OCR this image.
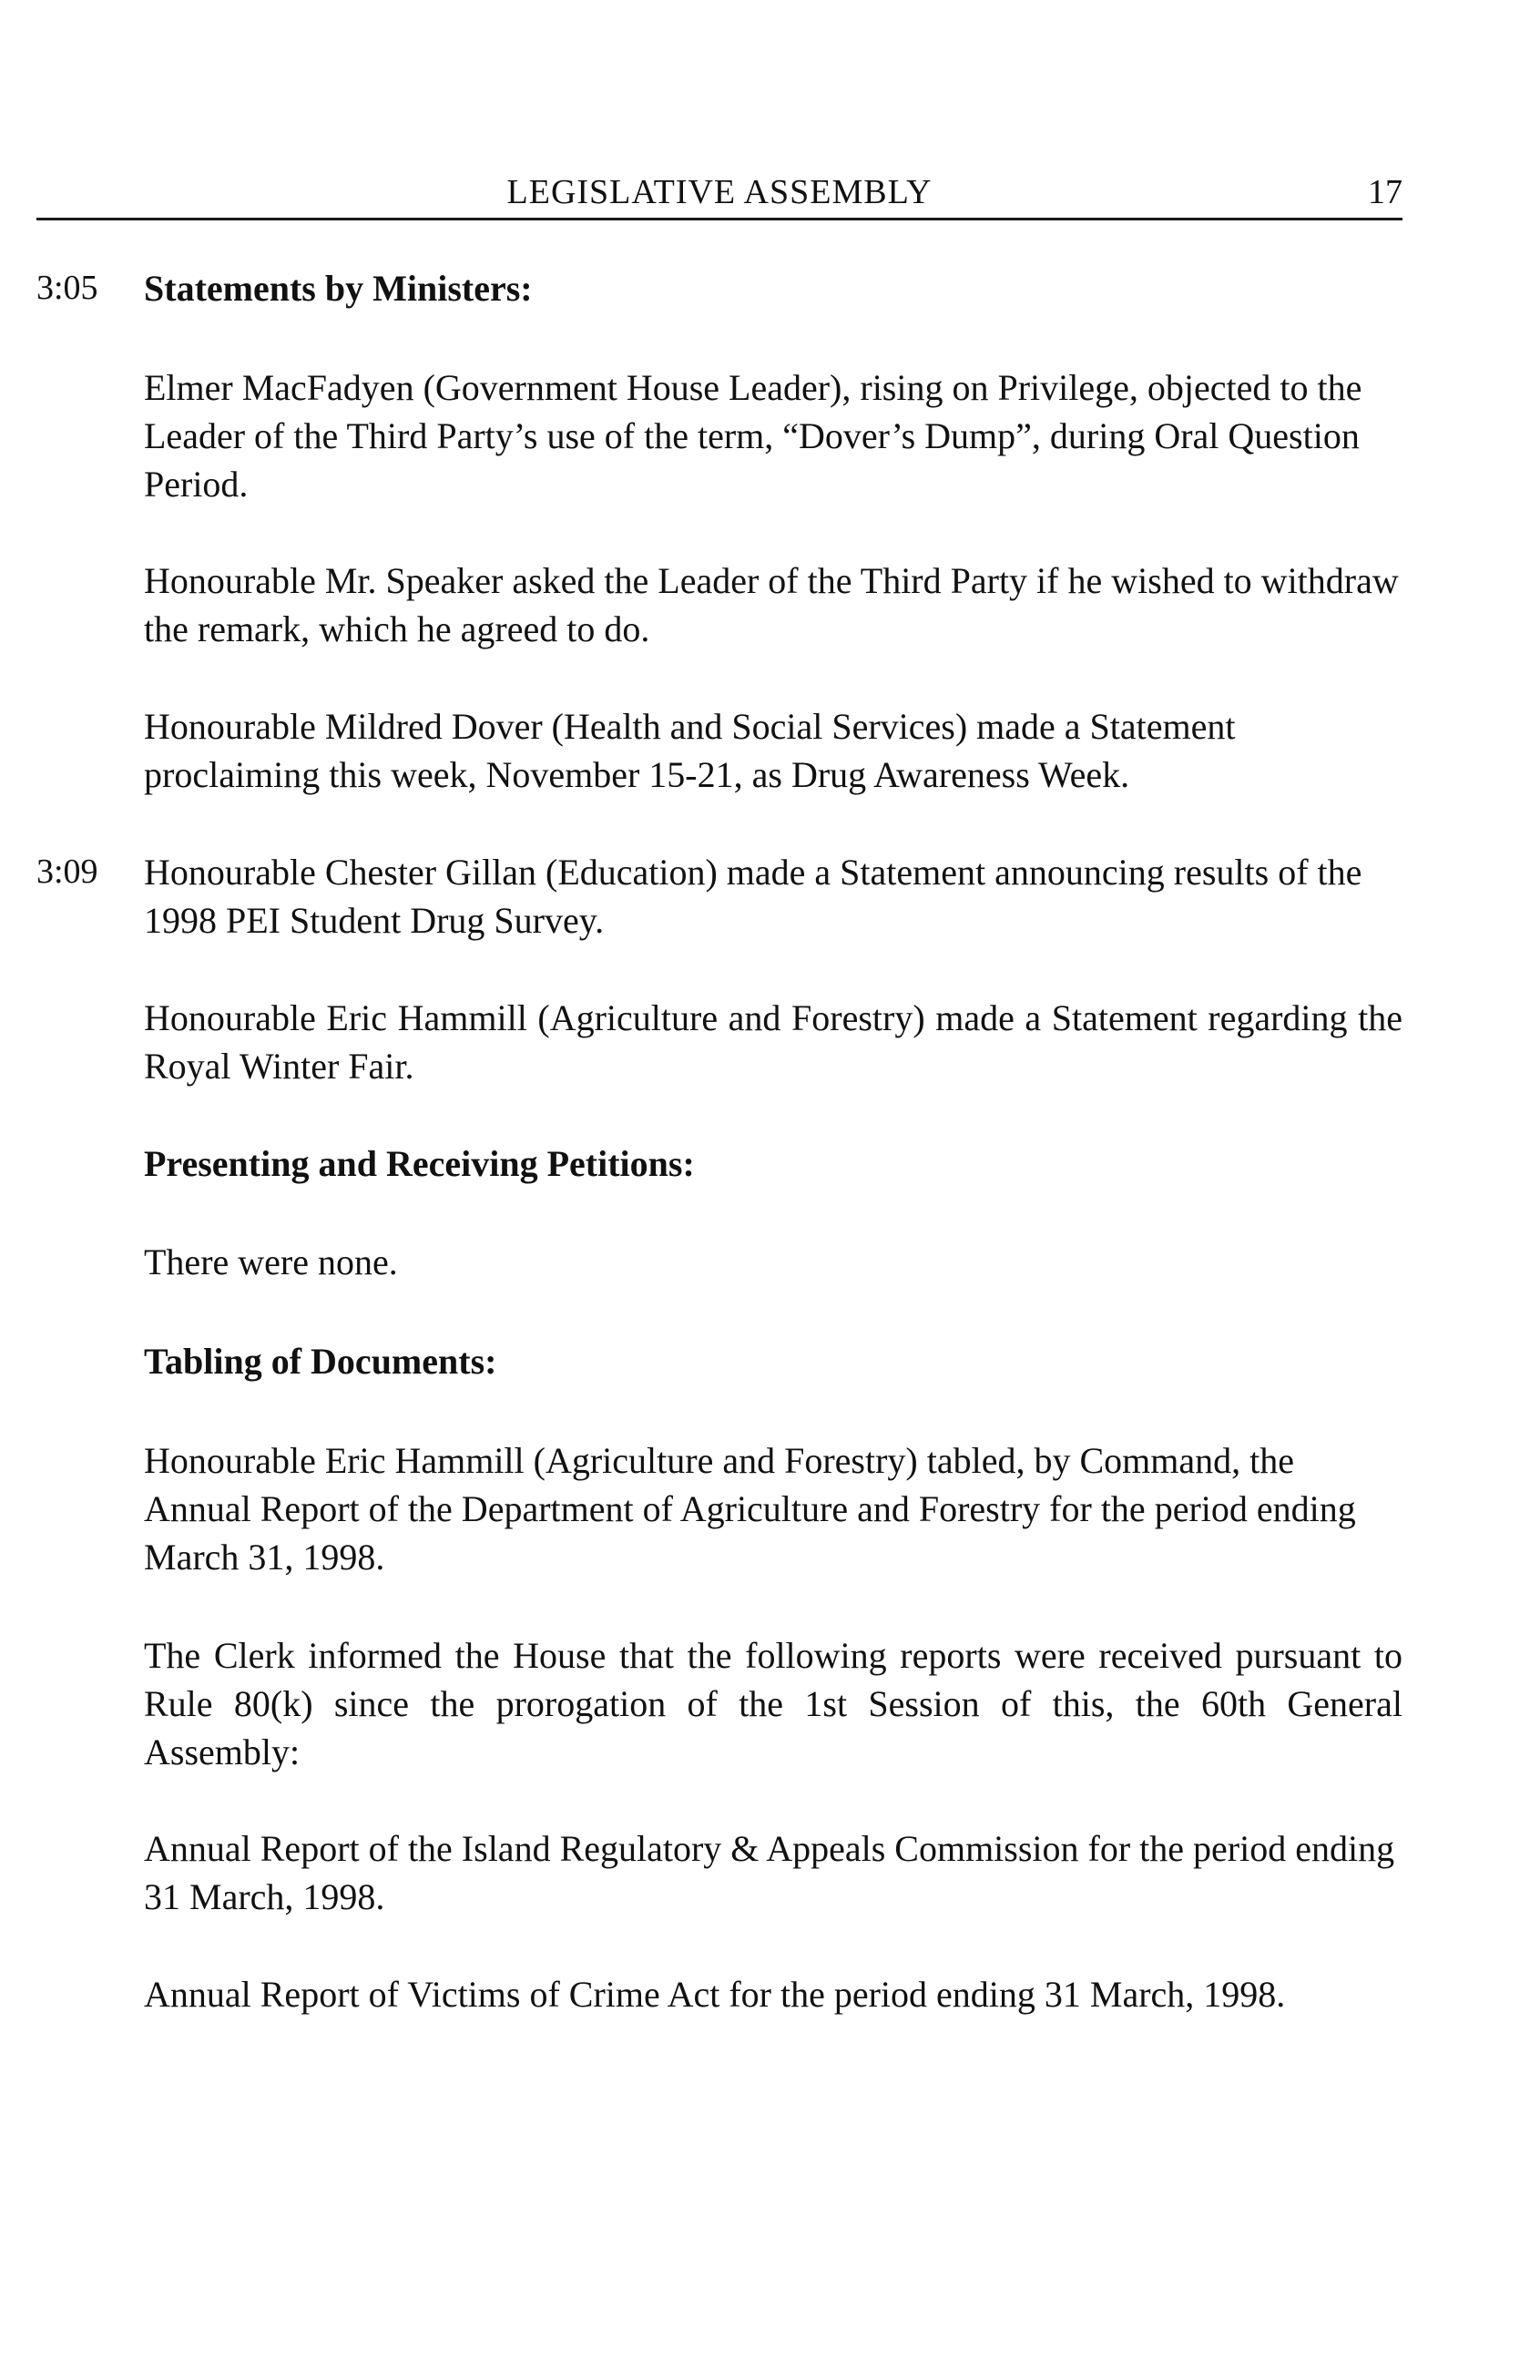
LEGISLATIVE ASSEMBLY	17
3:05 Statements by Ministers:

Elmer MacFadyen (Government House Leader), rising on Privilege, objected to the Leader of the Third Party’s use of the term, “Dover’s Dump”, during Oral Question Period.

Honourable Mr. Speaker asked the Leader of the Third Party if he wished to withdraw the remark, which he agreed to do.

Honourable Mildred Dover (Health and Social Services) made a Statement proclaiming this week, November 15-21, as Drug Awareness Week.

3:09 Honourable Chester Gillan (Education) made a Statement announcing results of the 1998 PEI Student Drug Survey.

Honourable Eric Hammill (Agriculture and Forestry) made a Statement regarding the Royal Winter Fair.

Presenting and Receiving Petitions:

There were none.

Tabling of Documents:

Honourable Eric Hammill (Agriculture and Forestry) tabled, by Command, the Annual Report of the Department of Agriculture and Forestry for the period ending March 31, 1998.

The Clerk informed the House that the following reports were received pursuant to Rule 80(k) since the prorogation of the 1st Session of this, the 60th General Assembly:

Annual Report of the Island Regulatory & Appeals Commission for the period ending 31 March, 1998.

Annual Report of Victims of Crime Act for the period ending 31 March, 1998.
